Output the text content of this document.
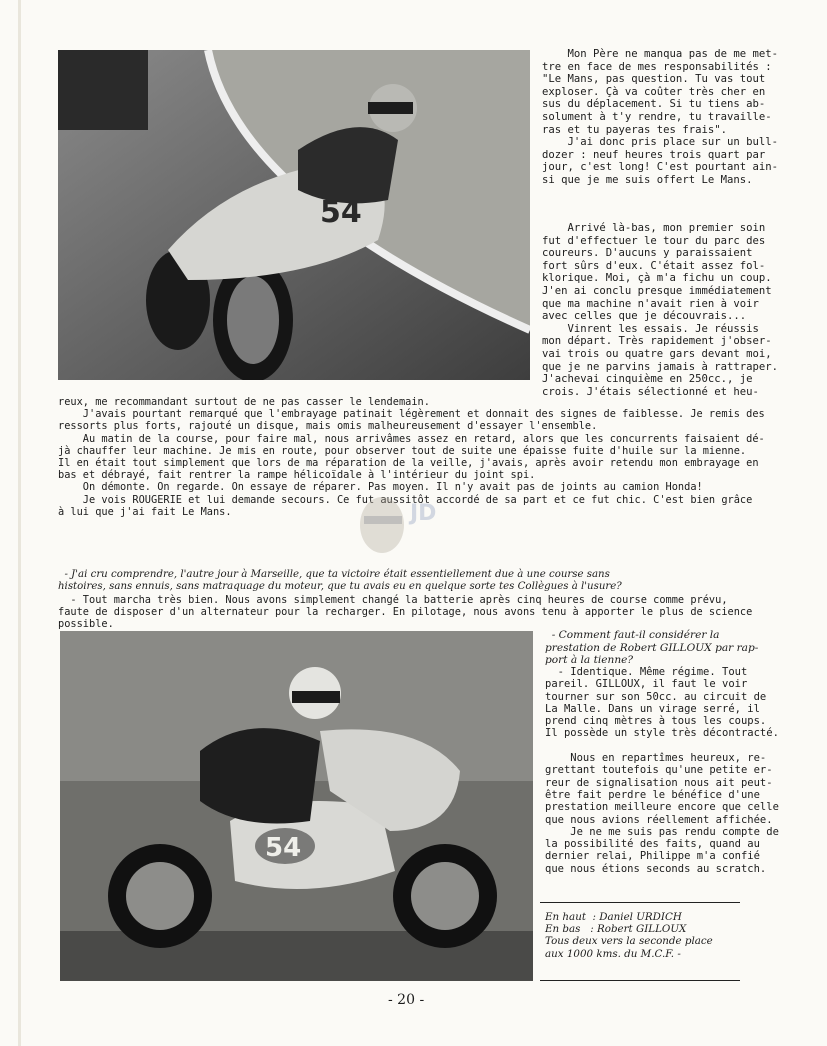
54
Mon Père ne manqua pas de me met-
tre en face de mes responsabilités :
"Le Mans, pas question. Tu vas tout
exploser. Çà va coûter très cher en
sus du déplacement. Si tu tiens ab-
solument à t'y rendre, tu travaille-
ras et tu payeras tes frais".
J'ai donc pris place sur un bull-
dozer : neuf heures trois quart par
jour, c'est long! C'est pourtant ain-
si que je me suis offert Le Mans.
Arrivé là-bas, mon premier soin
fut d'effectuer le tour du parc des
coureurs. D'aucuns y paraissaient
fort sûrs d'eux. C'était assez fol-
klorique. Moi, çà m'a fichu un coup.
J'en ai conclu presque immédiatement
que ma machine n'avait rien à voir
avec celles que je découvrais...
Vinrent les essais. Je réussis
mon départ. Très rapidement j'obser-
vai trois ou quatre gars devant moi,
que je ne parvins jamais à rattraper.
J'achevai cinquième en 250cc., je
crois. J'étais sélectionné et heu-
reux, me recommandant surtout de ne pas casser le lendemain.
J'avais pourtant remarqué que l'embrayage patinait légèrement et donnait des signes de faiblesse. Je remis des
ressorts plus forts, rajouté un disque, mais omis malheureusement d'essayer l'ensemble.
Au matin de la course, pour faire mal, nous arrivâmes assez en retard, alors que les concurrents faisaient dé-
jà chauffer leur machine. Je mis en route, pour observer tout de suite une épaisse fuite d'huile sur la mienne.
Il en était tout simplement que lors de ma réparation de la veille, j'avais, après avoir retendu mon embrayage en
bas et débrayé, fait rentrer la rampe hélicoïdale à l'intérieur du joint spi.
On démonte. On regarde. On essaye de réparer. Pas moyen. Il n'y avait pas de joints au camion Honda!
Je vois ROUGERIE et lui demande secours. Ce fut aussitôt accordé de sa part et ce fut chic. C'est bien grâce
à lui que j'ai fait Le Mans.	JD
- J'ai cru comprendre, l'autre jour à Marseille, que ta victoire était essentiellement due à une course sans
histoires, sans ennuis, sans matraquage du moteur, que tu avais eu en quelque sorte tes Collègues à l'usure?
- Tout marcha très bien. Nous avons simplement changé la batterie après cinq heures de course comme prévu,
faute de disposer d'un alternateur pour la recharger. En pilotage, nous avons tenu à apporter le plus de science
possible.
54
- Comment faut-il considérer la
prestation de Robert GILLOUX par rap-
port à la tienne?
- Identique. Même régime. Tout
pareil. GILLOUX, il faut le voir
tourner sur son 50cc. au circuit de
La Malle. Dans un virage serré, il
prend cinq mètres à tous les coups.
Il possède un style très décontracté.

Nous en repartîmes heureux, re-
grettant toutefois qu'une petite er-
reur de signalisation nous ait peut-
être fait perdre le bénéfice d'une
prestation meilleure encore que celle
que nous avions réellement affichée.
Je ne me suis pas rendu compte de
la possibilité des faits, quand au
dernier relai, Philippe m'a confié
que nous étions seconds au scratch.
En haut  : Daniel URDICH
En bas   : Robert GILLOUX
Tous deux vers la seconde place
aux 1000 kms. du M.C.F. -
- 20 -
